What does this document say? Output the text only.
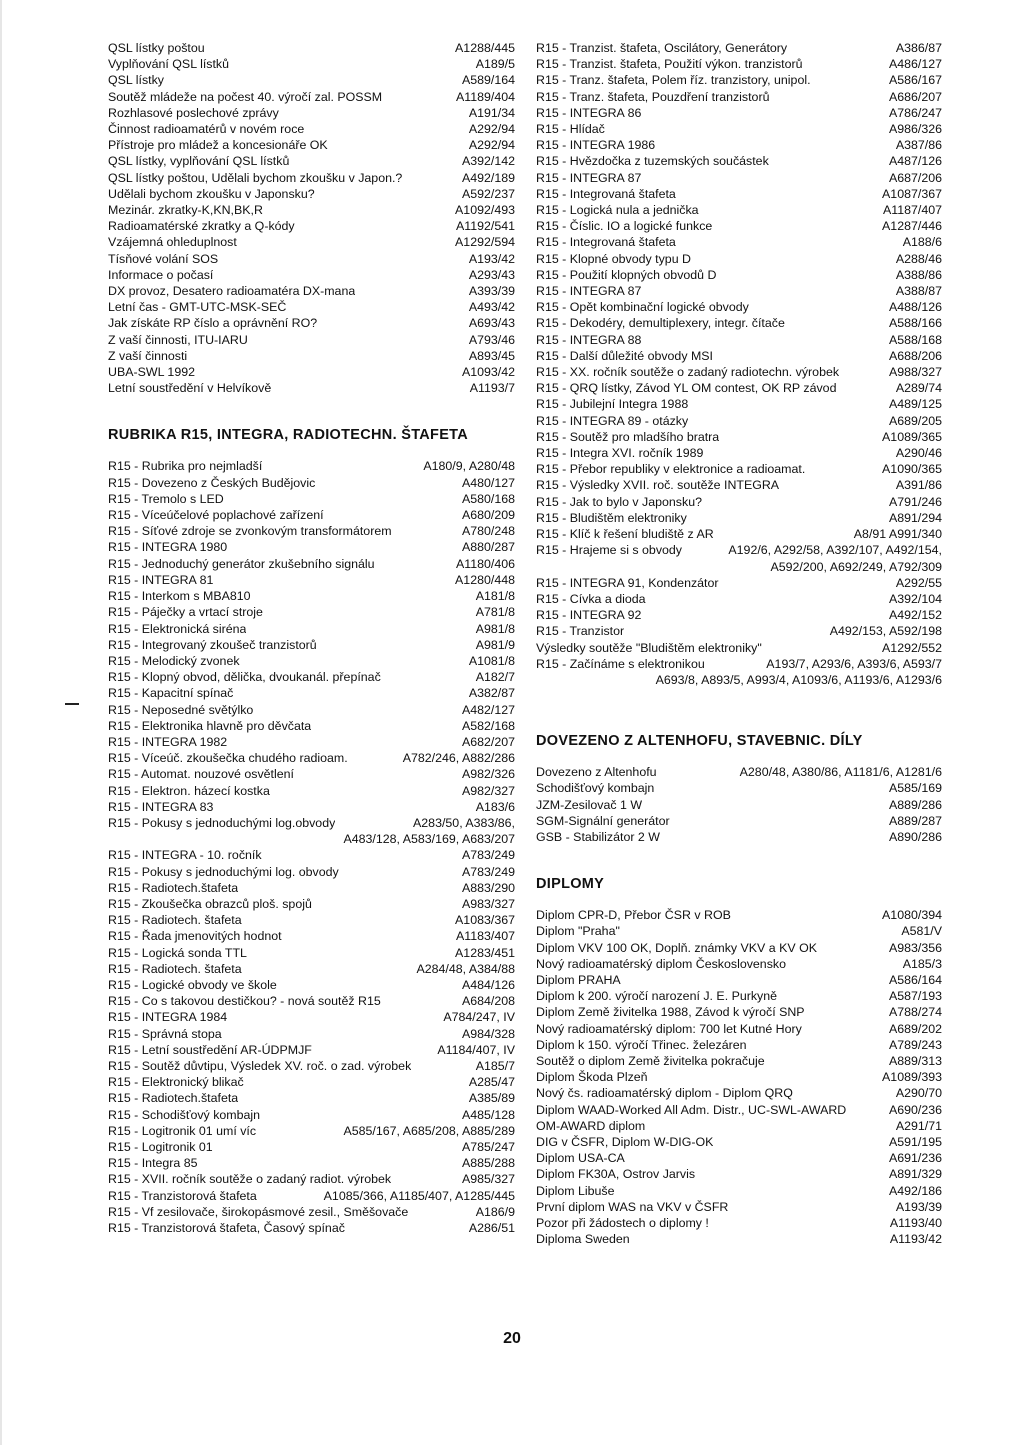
QSL lístky poštou	A1288/445
Vyplňování QSL lístků	A189/5
QSL lístky	A589/164
Soutěž mládeže na počest 40. výročí zal. POSSM	A1189/404
Rozhlasové poslechové zprávy	A191/34
Činnost radioamatérů v novém roce	A292/94
Přístroje pro mládež a koncesionáře OK	A292/94
QSL lístky, vyplňování QSL lístků	A392/142
QSL lístky poštou, Udělali bychom zkoušku v Japon.?	A492/189
Udělali bychom zkoušku v Japonsku?	A592/237
Mezinár. zkratky-K,KN,BK,R	A1092/493
Radioamatérské zkratky a Q-kódy	A1192/541
Vzájemná ohleduplnost	A1292/594
Tísňové volání SOS	A193/42
Informace o počasí	A293/43
DX provoz, Desatero radioamatéra DX-mana	A393/39
Letní čas - GMT-UTC-MSK-SEČ	A493/42
Jak získáte RP číslo a oprávnění RO?	A693/43
Z vaší činnosti, ITU-IARU	A793/46
Z vaší činnosti	A893/45
UBA-SWL 1992	A1093/42
Letní soustředění v Helvíkově	A1193/7
RUBRIKA R15, INTEGRA, RADIOTECHN. ŠTAFETA
R15 - Rubrika pro nejmladší	A180/9, A280/48
R15 - Dovezeno z Českých Budějovic	A480/127
R15 - Tremolo s LED	A580/168
R15 - Víceúčelové poplachové zařízení	A680/209
R15 - Síťové zdroje se zvonkovým transformátorem	A780/248
R15 - INTEGRA 1980	A880/287
R15 - Jednoduchý generátor zkušebního signálu	A1180/406
R15 - INTEGRA 81	A1280/448
R15 - Interkom s MBA810	A181/8
R15 - Páječky a vrtací stroje	A781/8
R15 - Elektronická siréna	A981/8
R15 - Integrovaný zkoušeč tranzistorů	A981/9
R15 - Melodický zvonek	A1081/8
R15 - Klopný obvod, dělička, dvoukanál. přepínač	A182/7
R15 - Kapacitní spínač	A382/87
R15 - Neposedné světýlko	A482/127
R15 - Elektronika hlavně pro děvčata	A582/168
R15 - INTEGRA 1982	A682/207
R15 - Víceúč. zkoušečka chudého radioam.	A782/246, A882/286
R15 - Automat. nouzové osvětlení	A982/326
R15 - Elektron. házecí kostka	A982/327
R15 - INTEGRA 83	A183/6
R15 - Pokusy s jednoduchými log.obvody	A283/50, A383/86,
A483/128, A583/169, A683/207
R15 - INTEGRA - 10. ročník	A783/249
R15 - Pokusy s jednoduchými log. obvody	A783/249
R15 - Radiotech.štafeta	A883/290
R15 - Zkoušečka obrazců ploš. spojů	A983/327
R15 - Radiotech. štafeta	A1083/367
R15 - Řada jmenovitých hodnot	A1183/407
R15 - Logická sonda TTL	A1283/451
R15 - Radiotech. štafeta	A284/48, A384/88
R15 - Logické obvody ve škole	A484/126
R15 - Co s takovou destičkou? - nová soutěž R15	A684/208
R15 - INTEGRA 1984	A784/247, IV
R15 - Správná stopa	A984/328
R15 - Letní soustředění AR-ÚDPMJF	A1184/407, IV
R15 - Soutěž důvtipu, Výsledek XV. roč. o zad. výrobek	A185/7
R15 - Elektronický blikač	A285/47
R15 - Radiotech.štafeta	A385/89
R15 - Schodišťový kombajn	A485/128
R15 - Logitronik 01 umí víc	A585/167, A685/208, A885/289
R15 - Logitronik 01	A785/247
R15 - Integra 85	A885/288
R15 - XVII. ročník soutěže o zadaný radiot. výrobek	A985/327
R15 - Tranzistorová štafeta	A1085/366, A1185/407, A1285/445
R15 - Vf zesilovače, širokopásmové zesil., Směšovače	A186/9
R15 - Tranzistorová štafeta, Časový spínač	A286/51
R15 - Tranzist. štafeta, Oscilátory, Generátory	A386/87
R15 - Tranzist. štafeta, Použití výkon. tranzistorů	A486/127
R15 - Tranz. štafeta, Polem říz. tranzistory, unipol.	A586/167
R15 - Tranz. štafeta, Pouzdření tranzistorů	A686/207
R15 - INTEGRA 86	A786/247
R15 - Hlídač	A986/326
R15 - INTEGRA 1986	A387/86
R15 - Hvězdočka z tuzemských součástek	A487/126
R15 - INTEGRA 87	A687/206
R15 - Integrovaná štafeta	A1087/367
R15 - Logická nula a jednička	A1187/407
R15 - Číslic. IO a logické funkce	A1287/446
R15 - Integrovaná štafeta	A188/6
R15 - Klopné obvody typu D	A288/46
R15 - Použití klopných obvodů D	A388/86
R15 - INTEGRA 87	A388/87
R15 - Opět kombinační logické obvody	A488/126
R15 - Dekodéry, demultiplexery, integr. čítače	A588/166
R15 - INTEGRA 88	A588/168
R15 - Další důležité obvody MSI	A688/206
R15 - XX. ročník soutěže o zadaný radiotechn. výrobek	A988/327
R15 - QRQ lístky, Závod YL OM contest, OK RP závod	A289/74
R15 - Jubilejní Integra 1988	A489/125
R15 - INTEGRA 89 - otázky	A689/205
R15 - Soutěž pro mladšího bratra	A1089/365
R15 - Integra XVI. ročník 1989	A290/46
R15 - Přebor republiky v elektronice a radioamat.	A1090/365
R15 - Výsledky XVII. roč. soutěže INTEGRA	A391/86
R15 - Jak to bylo v Japonsku?	A791/246
R15 - Bludištěm elektroniky	A891/294
R15 - Klíč k řešení bludiště z AR	A8/91 A991/340
R15 - Hrajeme si s obvody	A192/6, A292/58, A392/107, A492/154,
A592/200, A692/249, A792/309
R15 - INTEGRA 91, Kondenzátor	A292/55
R15 - Cívka a dioda	A392/104
R15 - INTEGRA 92	A492/152
R15 - Tranzistor	A492/153, A592/198
Výsledky soutěže "Bludištěm elektroniky"	A1292/552
R15 - Začínáme s elektronikou	A193/7, A293/6, A393/6, A593/7
A693/8, A893/5, A993/4, A1093/6, A1193/6, A1293/6
DOVEZENO Z ALTENHOFU, STAVEBNIC. DÍLY
Dovezeno z Altenhofu	A280/48, A380/86, A1181/6, A1281/6
Schodišťový kombajn	A585/169
JZM-Zesilovač 1 W	A889/286
SGM-Signální generátor	A889/287
GSB - Stabilizátor 2 W	A890/286
DIPLOMY
Diplom CPR-D, Přebor ČSR v ROB	A1080/394
Diplom "Praha"	A581/V
Diplom VKV 100 OK, Doplň. známky VKV a KV OK	A983/356
Nový radioamatérský diplom Československo	A185/3
Diplom PRAHA	A586/164
Diplom k 200. výročí narození J. E. Purkyně	A587/193
Diplom Země živitelka 1988, Závod k výročí SNP	A788/274
Nový radioamatérský diplom: 700 let Kutné Hory	A689/202
Diplom k 150. výročí Třinec. železáren	A789/243
Soutěž o diplom Země živitelka pokračuje	A889/313
Diplom Škoda Plzeň	A1089/393
Nový čs. radioamatérský diplom - Diplom QRQ	A290/70
Diplom WAAD-Worked All Adm. Distr., UC-SWL-AWARD	A690/236
OM-AWARD diplom	A291/71
DIG v ČSFR, Diplom W-DIG-OK	A591/195
Diplom USA-CA	A691/236
Diplom FK30A, Ostrov Jarvis	A891/329
Diplom Libuše	A492/186
První diplom WAS na VKV v ČSFR	A193/39
Pozor při žádostech o diplomy !	A1193/40
Diploma Sweden	A1193/42
20
